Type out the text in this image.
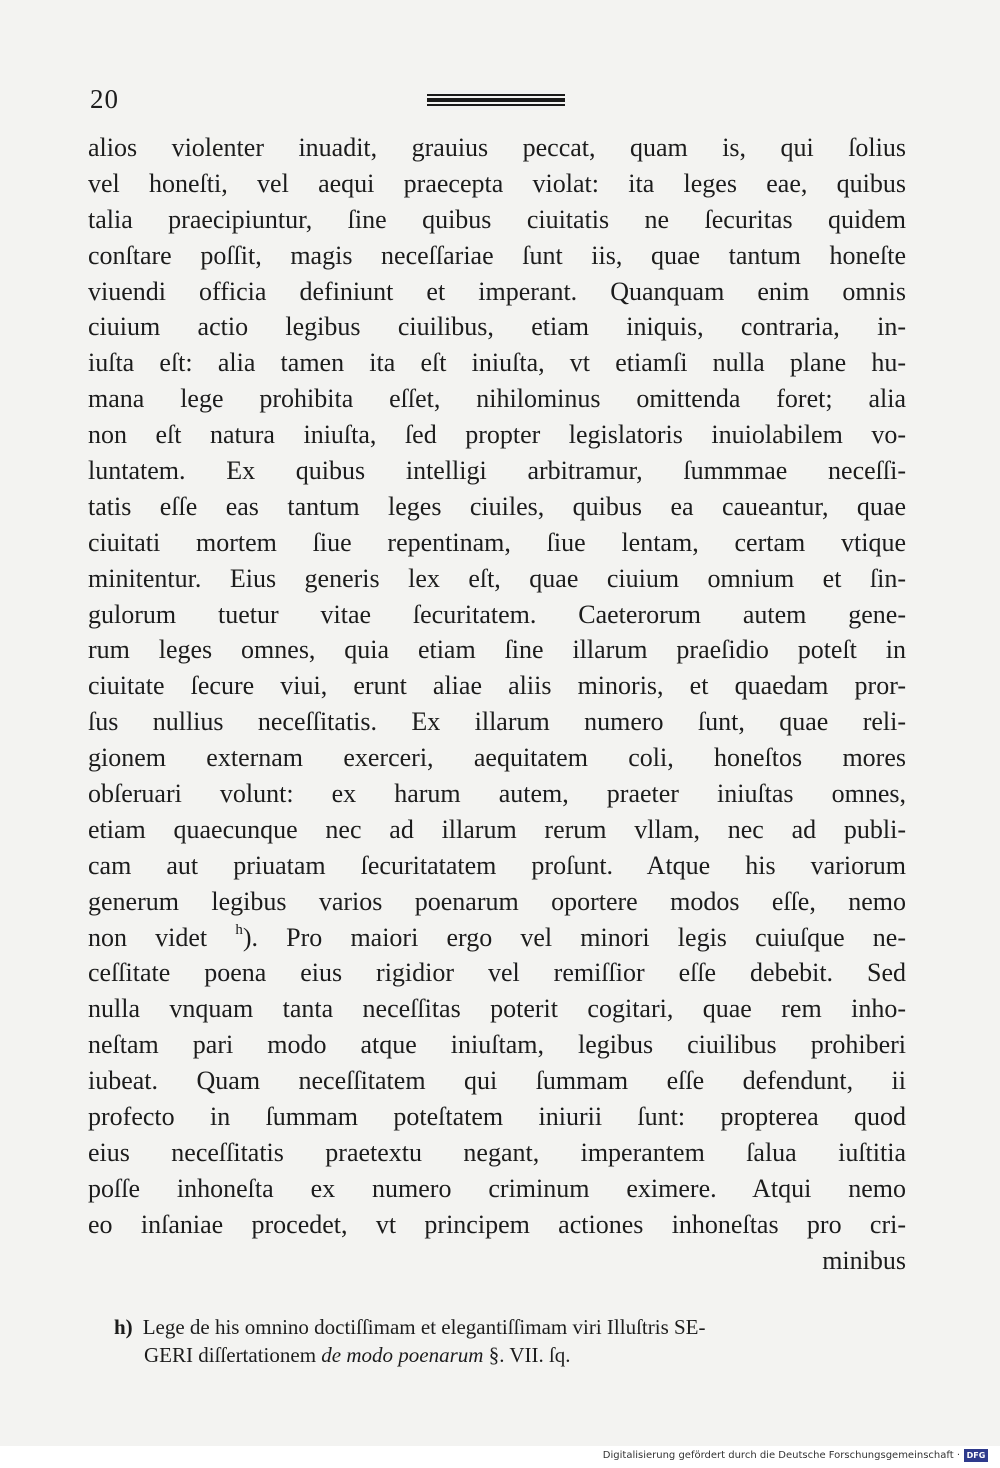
20
alios violenter inuadit, grauius peccat, quam is, qui ſolius
vel honeſti, vel aequi praecepta violat: ita leges eae, quibus
talia praecipiuntur, ſine quibus ciuitatis ne ſecuritas quidem
conſtare poſſit, magis neceſſariae ſunt iis, quae tantum honeſte
viuendi officia definiunt et imperant. Quanquam enim omnis
ciuium actio legibus ciuilibus, etiam iniquis, contraria, in-
iuſta eſt: alia tamen ita eſt iniuſta, vt etiamſi nulla plane hu-
mana lege prohibita eſſet, nihilominus omittenda foret; alia
non eſt natura iniuſta, ſed propter legislatoris inuiolabilem vo-
luntatem. Ex quibus intelligi arbitramur, ſummmae neceſſi-
tatis eſſe eas tantum leges ciuiles, quibus ea caueantur, quae
ciuitati mortem ſiue repentinam, ſiue lentam, certam vtique
minitentur. Eius generis lex eſt, quae ciuium omnium et ſin-
gulorum tuetur vitae ſecuritatem. Caeterorum autem gene-
rum leges omnes, quia etiam ſine illarum praeſidio poteſt in
ciuitate ſecure viui, erunt aliae aliis minoris, et quaedam pror-
ſus nullius neceſſitatis. Ex illarum numero ſunt, quae reli-
gionem externam exerceri, aequitatem coli, honeſtos mores
obſeruari volunt: ex harum autem, praeter iniuſtas omnes,
etiam quaecunque nec ad illarum rerum vllam, nec ad publi-
cam aut priuatam ſecuritatatem proſunt. Atque his variorum
generum legibus varios poenarum oportere modos eſſe, nemo
non videt $^h$). Pro maiori ergo vel minori legis cuiuſque ne-
ceſſitate poena eius rigidior vel remiſſior eſſe debebit. Sed
nulla vnquam tanta neceſſitas poterit cogitari, quae rem inho-
neſtam pari modo atque iniuſtam, legibus ciuilibus prohiberi
iubeat. Quam neceſſitatem qui ſummam eſſe defendunt, ii
profecto in ſummam poteſtatem iniurii ſunt: propterea quod
eius neceſſitatis praetextu negant, imperantem ſalua iuſtitia
poſſe inhoneſta ex numero criminum eximere. Atqui nemo
eo inſaniae procedet, vt principem actiones inhoneſtas pro cri-
minibus
h) Lege de his omnino doctiſſimam et elegantiſſimam viri Illuſtris SE-
GERI diſſertationem de modo poenarum §. VII. ſq.
Digitalisierung gefördert durch die Deutsche Forschungsgemeinschaft · DFG
